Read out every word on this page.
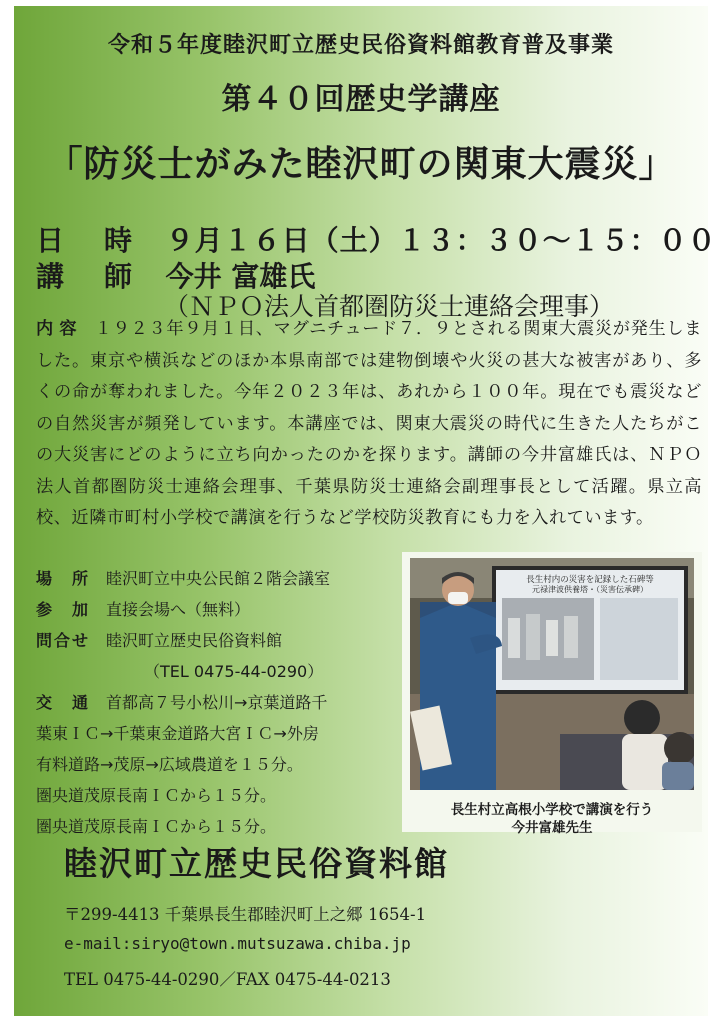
令和５年度睦沢町立歴史民俗資料館教育普及事業
第４０回歴史学講座
「防災士がみた睦沢町の関東大震災」
日　時 ９月１６日（土）１３：３０～１５：００
講　師 今井 富雄氏
（ＮＰＯ法人首都圏防災士連絡会理事）
内容 １９２３年９月１日、マグニチュード７．９とされる関東大震災が発生しました。東京や横浜などのほか本県南部では建物倒壊や火災の甚大な被害があり、多くの命が奪われました。今年２０２３年は、あれから１００年。現在でも震災などの自然災害が頻発しています。本講座では、関東大震災の時代に生きた人たちがこの大災害にどのように立ち向かったのかを探ります。講師の今井富雄氏は、ＮＰＯ法人首都圏防災士連絡会理事、千葉県防災士連絡会副理事長として活躍。県立高校、近隣市町村小学校で講演を行うなど学校防災教育にも力を入れています。
場　所 睦沢町立中央公民館２階会議室
参　加 直接会場へ（無料）
問合せ 睦沢町立歴史民俗資料館
（TEL 0475-44-0290）
交　通 首都高７号小松川→京葉道路千
葉東ＩＣ→千葉東金道路大宮ＩＣ→外房
有料道路→茂原→広域農道を１５分。
圏央道茂原長南ＩＣから１５分。
圏央道茂原長南ＩＣから１５分。
長生村内の災害を記録した石碑等
元禄津波供養塔・（災害伝承碑）
長生村立高根小学校で講演を行う
今井富雄先生
睦沢町立歴史民俗資料館
〒299-4413 千葉県長生郡睦沢町上之郷 1654-1
e-mail:siryo@town.mutsuzawa.chiba.jp
TEL 0475-44-0290／FAX 0475-44-0213
